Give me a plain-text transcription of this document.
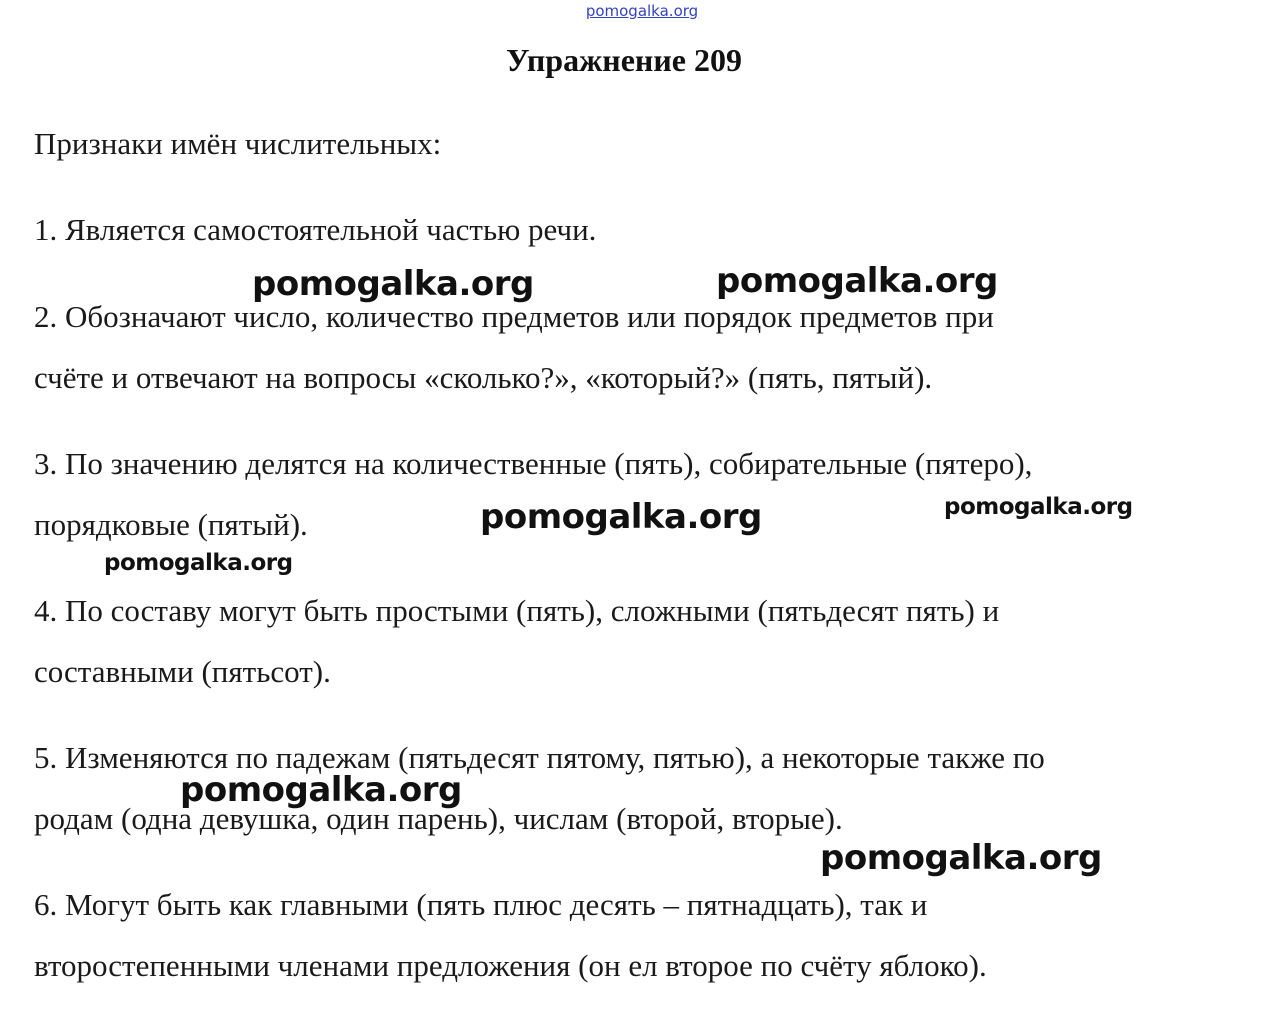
pomogalka.org
Упражнение 209
Признаки имён числительных:
1. Является самостоятельной частью речи.
2. Обозначают число, количество предметов или порядок предметов при
счёте и отвечают на вопросы «сколько?», «который?» (пять, пятый).
3. По значению делятся на количественные (пять), собирательные (пятеро),
порядковые (пятый).
4. По составу могут быть простыми (пять), сложными (пятьдесят пять) и
составными (пятьсот).
5. Изменяются по падежам (пятьдесят пятому, пятью), а некоторые также по
родам (одна девушка, один парень), числам (второй, вторые).
6. Могут быть как главными (пять плюс десять – пятнадцать), так и
второстепенными членами предложения (он ел второе по счёту яблоко).
pomogalka.org	pomogalka.org
pomogalka.org	pomogalka.org
pomogalka.org
pomogalka.org
pomogalka.org
